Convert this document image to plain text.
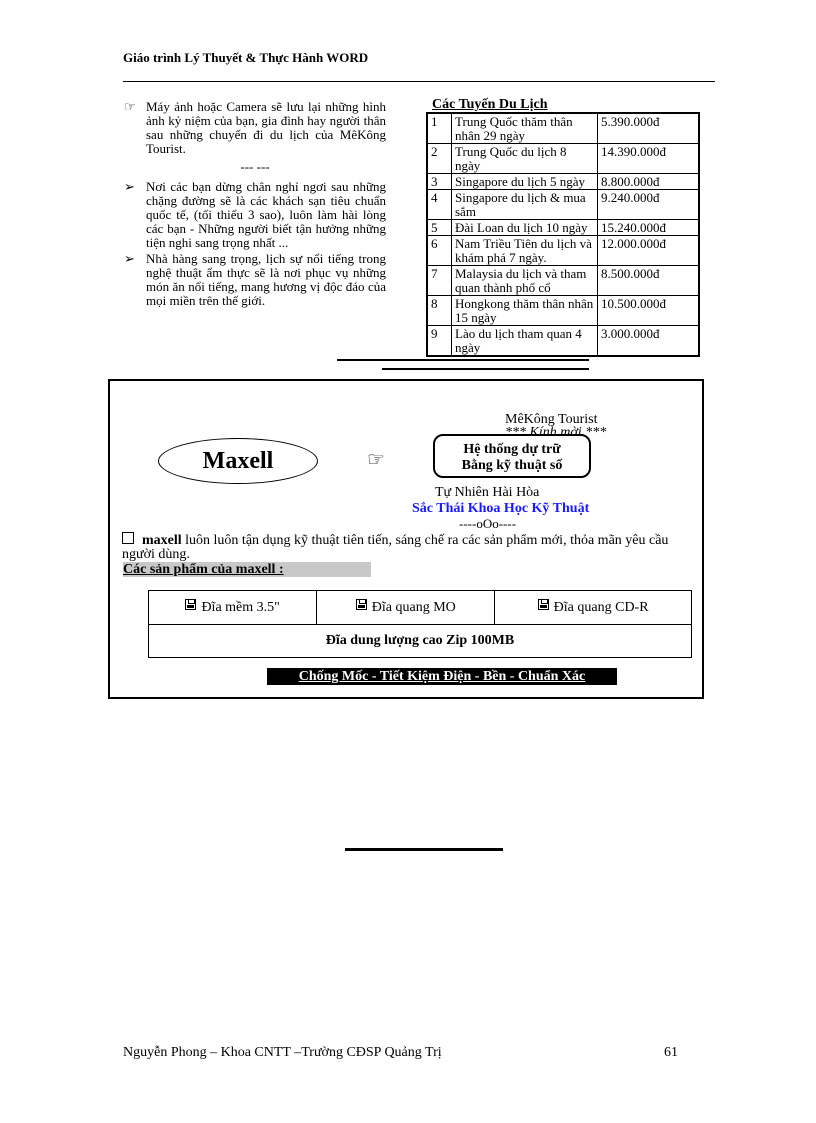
Giáo trình Lý Thuyết & Thực Hành WORD
☞ Máy ảnh hoặc Camera sẽ lưu lại những hình ảnh kỷ niệm của bạn, gia đình hay người thân sau những chuyến đi du lịch của MêKông Tourist.
--- ---
➢ Nơi các bạn dừng chân nghỉ ngơi sau những chặng đường sẽ là các khách sạn tiêu chuẩn quốc tế, (tối thiểu 3 sao), luôn làm hài lòng các bạn - Những người biết tận hưởng những tiện nghi sang trọng nhất ...
➢ Nhà hàng sang trọng, lịch sự nổi tiếng trong nghệ thuật ẩm thực sẽ là nơi phục vụ những món ăn nổi tiếng, mang hương vị độc đáo của mọi miền trên thế giới.
Các Tuyến Du Lịch
1	Trung Quốc thăm thân nhân 29 ngày	5.390.000đ
2	Trung Quốc du lịch 8 ngày	14.390.000đ
3	Singapore du lịch 5 ngày	8.800.000đ
4	Singapore du lịch & mua sắm	9.240.000đ
5	Đài Loan du lịch 10 ngày	15.240.000đ
6	Nam Triều Tiên du lịch và khám phá 7 ngày.	12.000.000đ
7	Malaysia du lịch và tham quan thành phố cổ	8.500.000đ
8	Hongkong thăm thân nhân 15 ngày	10.500.000đ
9	Lào du lịch tham quan 4 ngày	3.000.000đ
MêKông Tourist
*** Kính mời ***
Maxell	☞	Hệ thống dự trữ
Bằng kỹ thuật số
Tự Nhiên Hài Hòa
Sắc Thái Khoa Học Kỹ Thuật
----oOo----
maxell luôn luôn tận dụng kỹ thuật tiên tiến, sáng chế ra các sản phẩm mới, thỏa mãn yêu cầu người dùng.
Các sản phẩm của maxell :
Đĩa mềm 3.5"	Đĩa quang MO	Đĩa quang CD-R
Đĩa dung lượng cao Zip 100MB
Chống Mốc - Tiết Kiệm Điện - Bền - Chuẩn Xác
Nguyễn Phong – Khoa CNTT –Trường CĐSP Quảng Trị	61
